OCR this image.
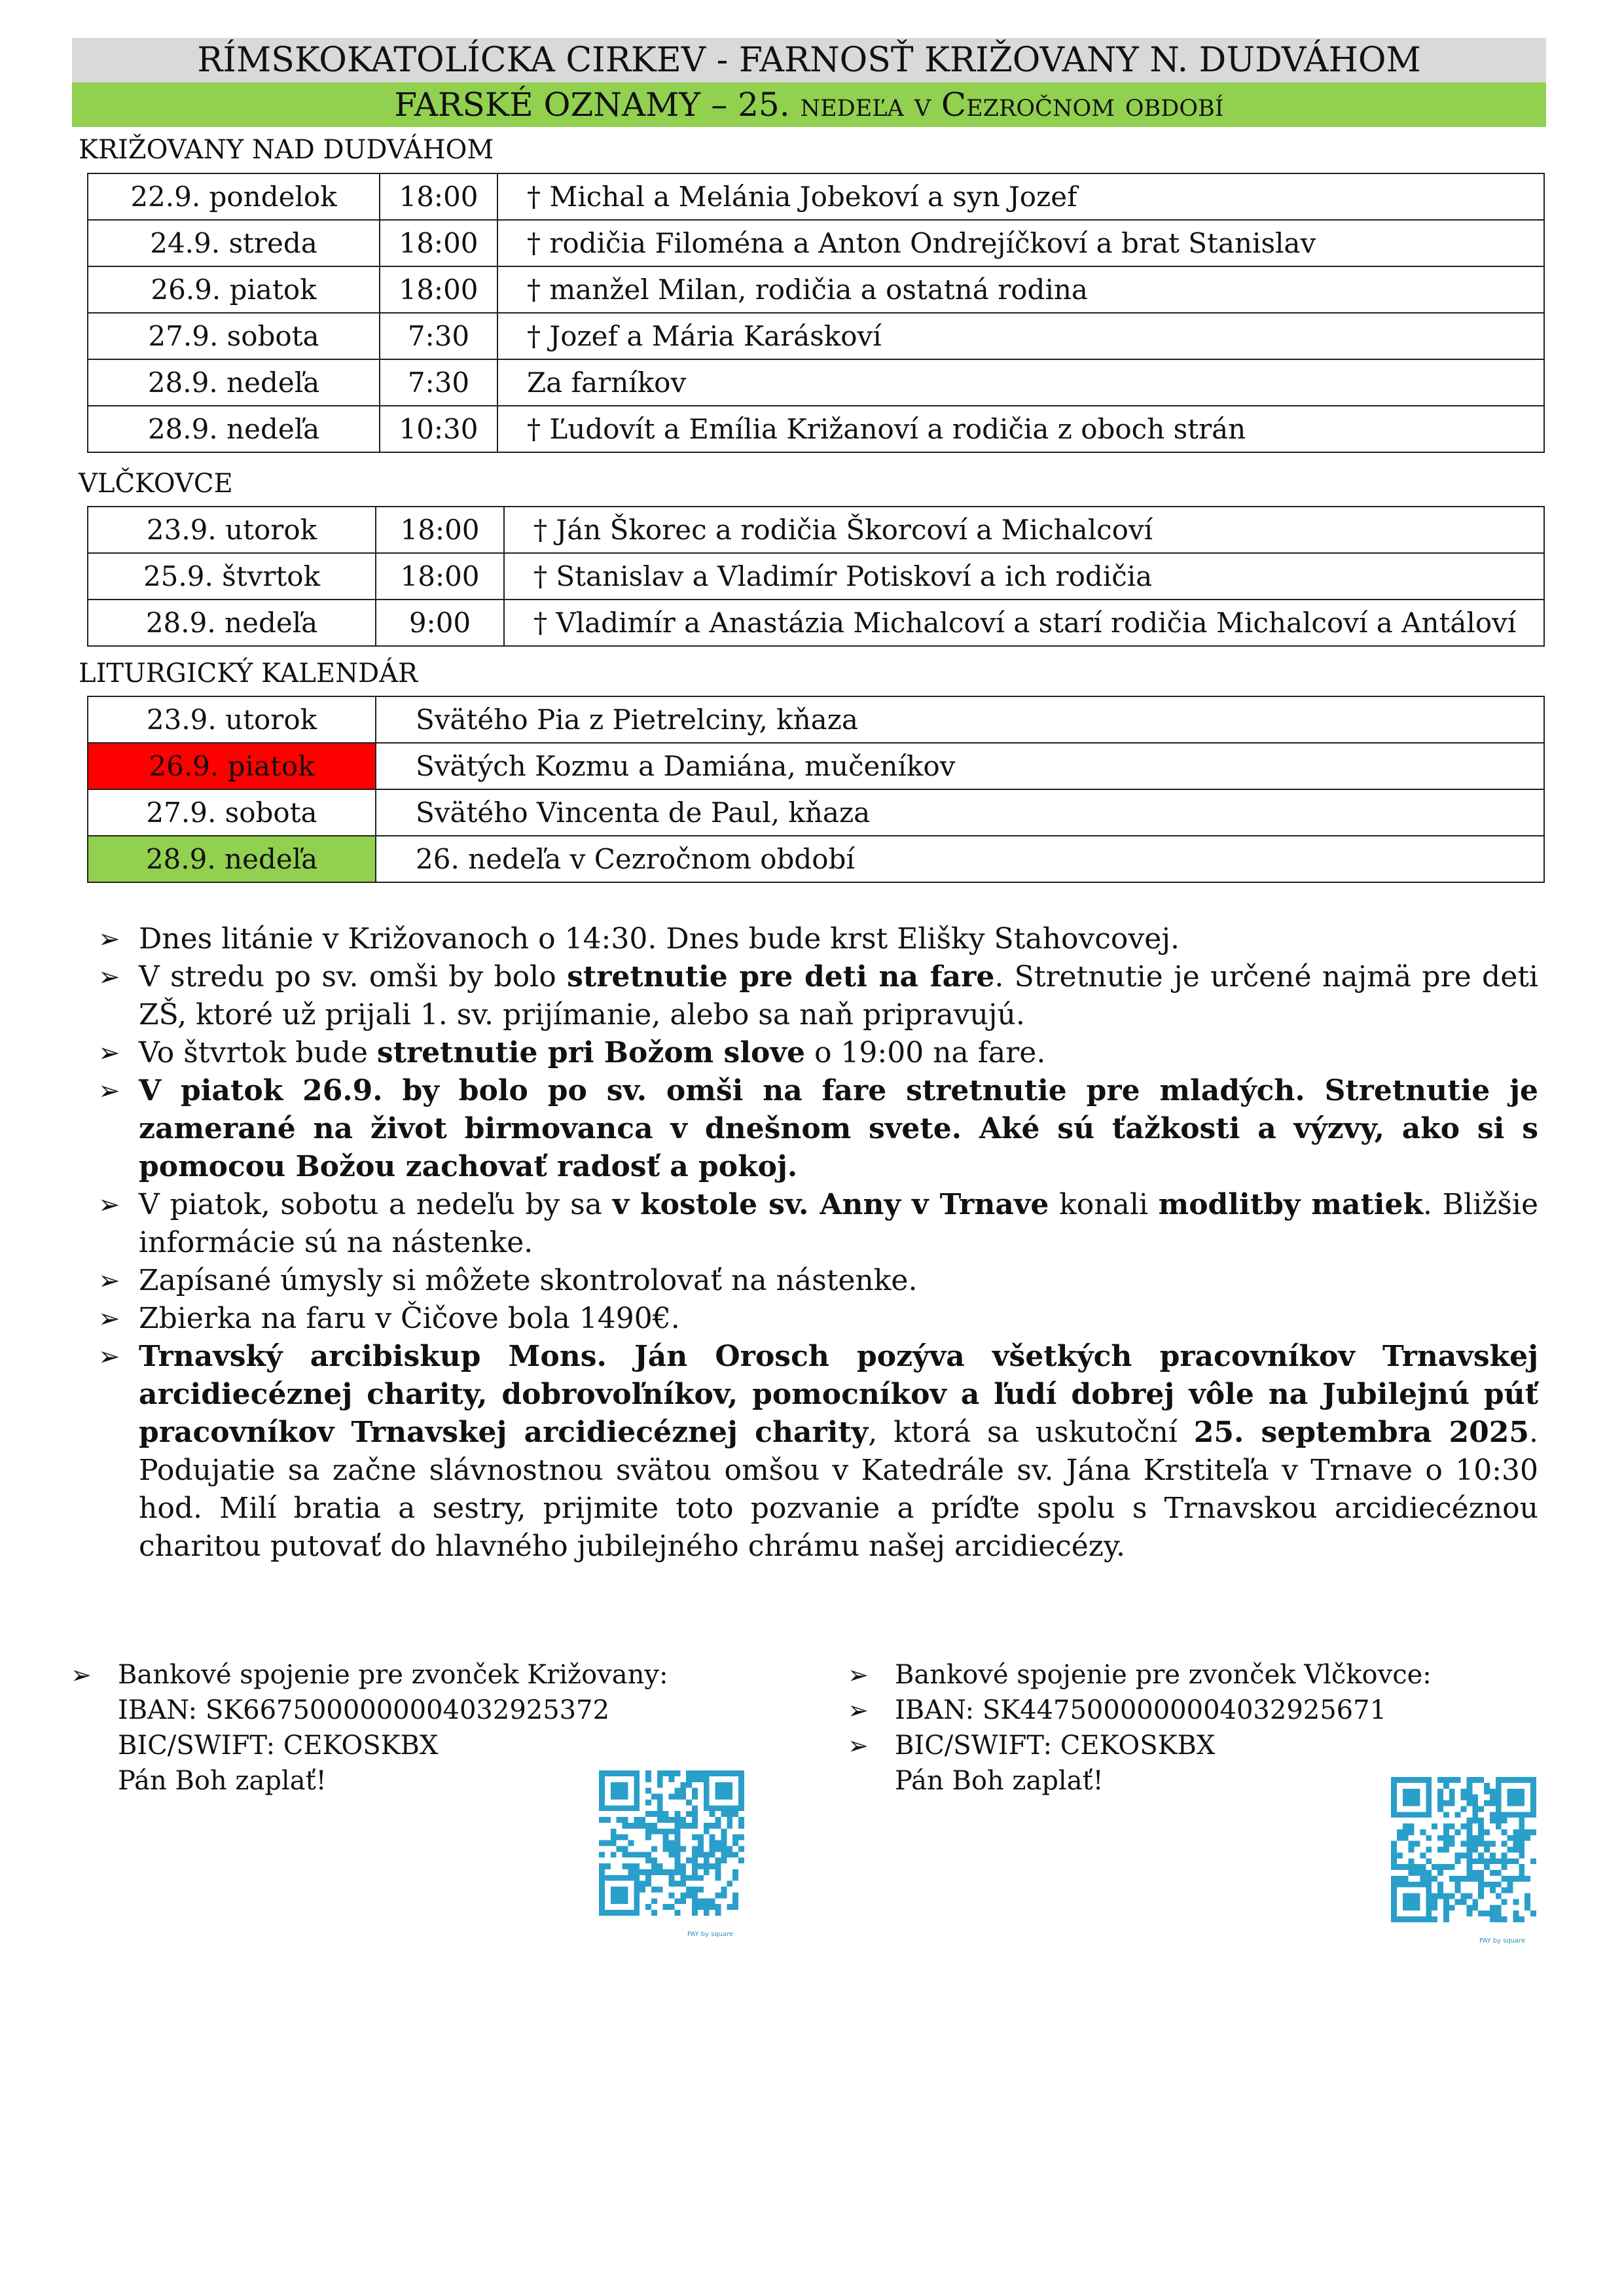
RÍMSKOKATOLÍCKA CIRKEV - FARNOSŤ KRIŽOVANY N. DUDVÁHOM
FARSKÉ OZNAMY – 25. nedeľa v Cezročnom období
KRIŽOVANY NAD DUDVÁHOM
22.9. pondelok	18:00	† Michal a Melánia Jobekoví a syn Jozef
24.9. streda	18:00	† rodičia Filoména a Anton Ondrejíčkoví a brat Stanislav
26.9. piatok	18:00	† manžel Milan, rodičia a ostatná rodina
27.9. sobota	7:30	† Jozef a Mária Karáskoví
28.9. nedeľa	7:30	Za farníkov
28.9. nedeľa	10:30	† Ľudovít a Emília Križanoví a rodičia z oboch strán
VLČKOVCE
23.9. utorok	18:00	† Ján Škorec a rodičia Škorcoví a Michalcoví
25.9. štvrtok	18:00	† Stanislav a Vladimír Potiskoví a ich rodičia
28.9. nedeľa	9:00	† Vladimír a Anastázia Michalcoví a starí rodičia Michalcoví a Antáloví
LITURGICKÝ KALENDÁR
23.9. utorok	Svätého Pia z Pietrelciny, kňaza
26.9. piatok	Svätých Kozmu a Damiána, mučeníkov
27.9. sobota	Svätého Vincenta de Paul, kňaza
28.9. nedeľa	26. nedeľa v Cezročnom období
➢ Dnes litánie v Križovanoch o 14:30. Dnes bude krst Elišky Stahovcovej.
➢ V stredu po sv. omši by bolo stretnutie pre deti na fare. Stretnutie je určené najmä pre deti ZŠ, ktoré už prijali 1. sv. prijímanie, alebo sa naň pripravujú.
➢ Vo štvrtok bude stretnutie pri Božom slove o 19:00 na fare.
➢ V piatok 26.9. by bolo po sv. omši na fare stretnutie pre mladých. Stretnutie je zamerané na život birmovanca v dnešnom svete. Aké sú ťažkosti a výzvy, ako si s pomocou Božou zachovať radosť a pokoj.
➢ V piatok, sobotu a nedeľu by sa v kostole sv. Anny v Trnave konali modlitby matiek. Bližšie informácie sú na nástenke.
➢ Zapísané úmysly si môžete skontrolovať na nástenke.
➢ Zbierka na faru v Čičove bola 1490€.
➢ Trnavský arcibiskup Mons. Ján Orosch pozýva všetkých pracovníkov Trnavskej arcidiecéznej charity, dobrovoľníkov, pomocníkov a ľudí dobrej vôle na Jubilejnú púť pracovníkov Trnavskej arcidiecéznej charity, ktorá sa uskutoční 25. septembra 2025. Podujatie sa začne slávnostnou svätou omšou v Katedrále sv. Jána Krstiteľa v Trnave o 10:30 hod. Milí bratia a sestry, prijmite toto pozvanie a príďte spolu s Trnavskou arcidiecéznou charitou putovať do hlavného jubilejného chrámu našej arcidiecézy.
➢ Bankové spojenie pre zvonček Križovany:
IBAN: SK6675000000004032925372
BIC/SWIFT: CEKOSKBX
Pán Boh zaplať!
PAY by square
➢ Bankové spojenie pre zvonček Vlčkovce:
➢ IBAN: SK4475000000004032925671
➢ BIC/SWIFT: CEKOSKBX
Pán Boh zaplať!
PAY by square
